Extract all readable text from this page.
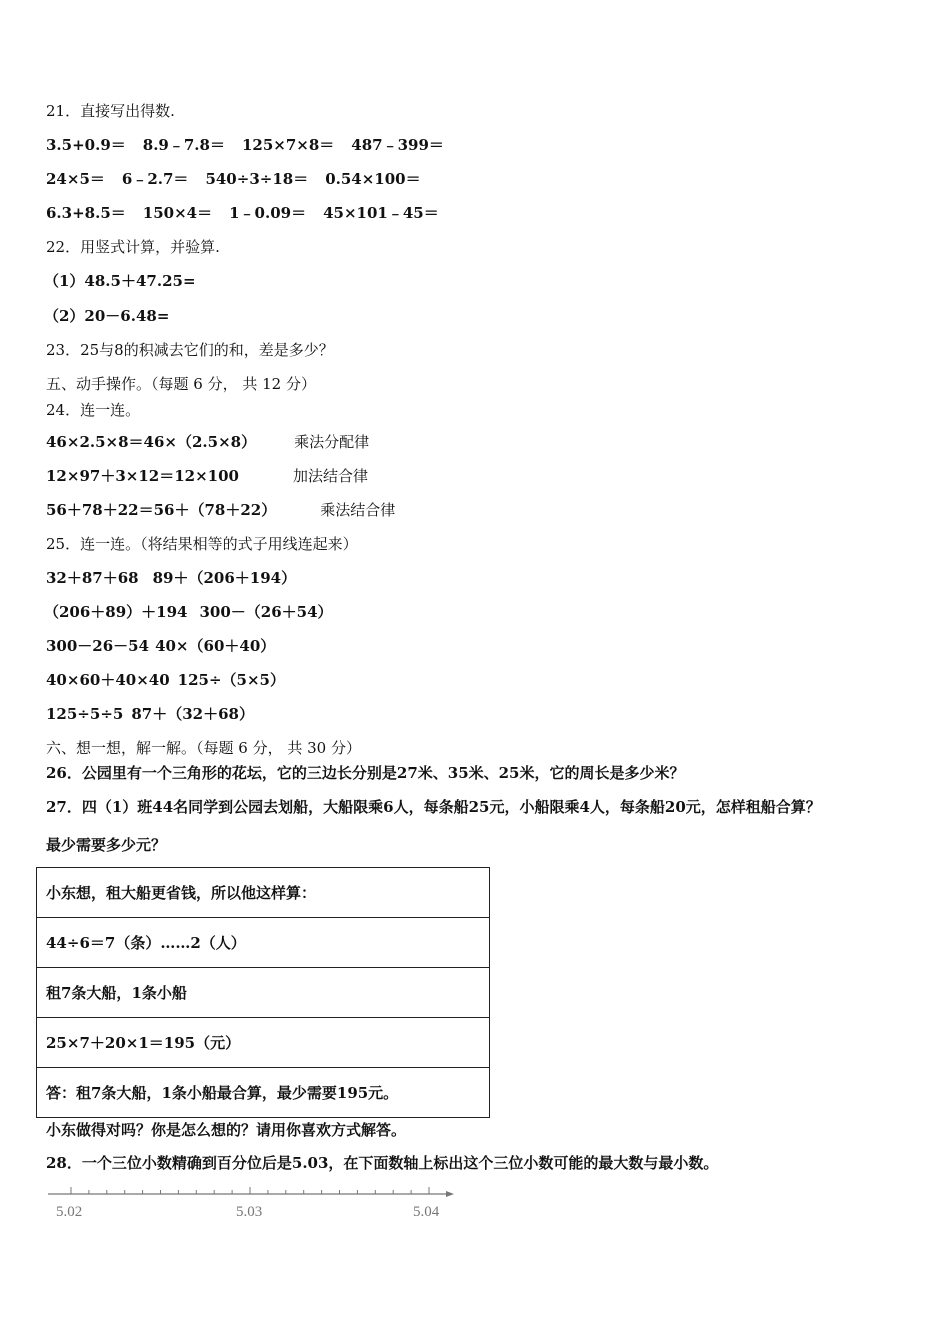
21．直接写出得数.
3.5+0.9＝ 8.9﹣7.8＝ 125×7×8＝ 487﹣399＝
24×5＝ 6﹣2.7＝ 540÷3÷18＝ 0.54×100＝
6.3+8.5＝ 150×4＝ 1﹣0.09＝ 45×101﹣45＝
22．用竖式计算，并验算.
（1）48.5＋47.25=
（2）20－6.48=
23．25与8的积减去它们的和，差是多少？
五、动手操作。（每题 6 分， 共 12 分）
24．连一连。
46×2.5×8＝46×（2.5×8）	乘法分配律
12×97＋3×12＝12×100	加法结合律
56＋78＋22＝56＋（78＋22）	乘法结合律
25．连一连。（将结果相等的式子用线连起来）
32＋87＋68 89＋（206＋194）
（206＋89）＋194 300－（26＋54）
300－26－54 40×（60＋40）
40×60＋40×40 125÷（5×5）
125÷5÷5 87＋（32＋68）
六、想一想，解一解。（每题 6 分， 共 30 分）
26．公园里有一个三角形的花坛，它的三边长分别是27米、35米、25米，它的周长是多少米？
27．四（1）班44名同学到公园去划船，大船限乘6人，每条船25元，小船限乘4人，每条船20元，怎样租船合算？
最少需要多少元？
小东想，租大船更省钱，所以他这样算：
44÷6＝7（条）……2（人）
租7条大船，1条小船
25×7＋20×1＝195（元）
答：租7条大船，1条小船最合算，最少需要195元。
小东做得对吗？你是怎么想的？请用你喜欢方式解答。
28．一个三位小数精确到百分位后是5.03，在下面数轴上标出这个三位小数可能的最大数与最小数。
5.02	5.03	5.04
